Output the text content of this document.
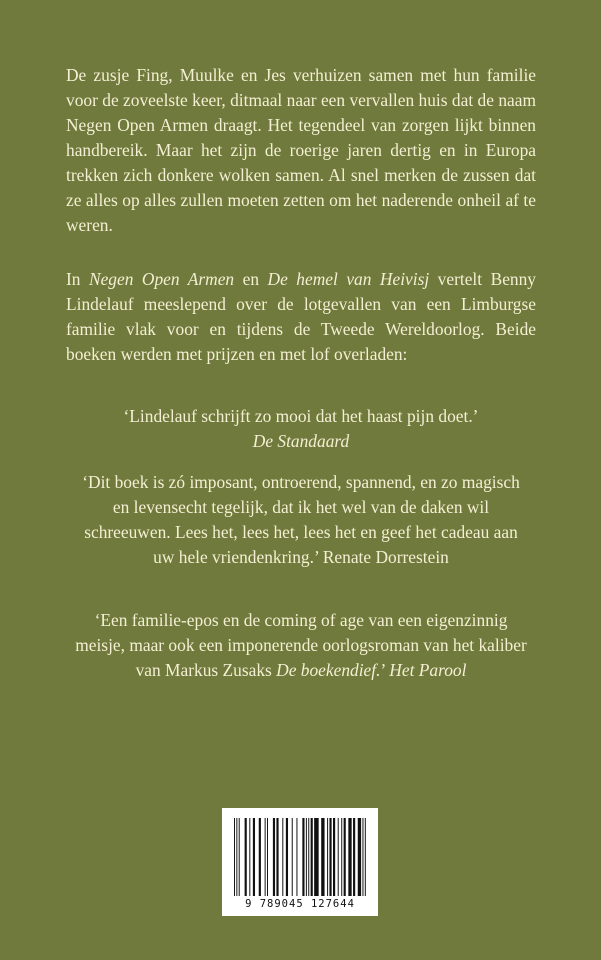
De zusje Fing, Muulke en Jes verhuizen samen met hun familie voor de zoveelste keer, ditmaal naar een vervallen huis dat de naam Negen Open Armen draagt. Het tegendeel van zorgen lijkt binnen handbereik. Maar het zijn de roerige jaren dertig en in Europa trekken zich donkere wolken samen. Al snel merken de zussen dat ze alles op alles zullen moeten zetten om het naderende onheil af te weren.

In Negen Open Armen en De hemel van Heivisj vertelt Benny Lindelauf meeslepend over de lotgevallen van een Limburgse familie vlak voor en tijdens de Tweede Wereldoorlog. Beide boeken werden met prijzen en met lof overladen:

‘Lindelauf schrijft zo mooi dat het haast pijn doet.’

De Standaard

‘Dit boek is zó imposant, ontroerend, spannend, en zo magisch en levensecht tegelijk, dat ik het wel van de daken wil schreeuwen. Lees het, lees het, lees het en geef het cadeau aan uw hele vriendenkring.’ Renate Dorrestein

‘Een familie-epos en de coming of age van een eigenzinnig meisje, maar ook een imponerende oorlogsroman van het kaliber van Markus Zusaks De boekendief.’ Het Parool

9 789045 127644
